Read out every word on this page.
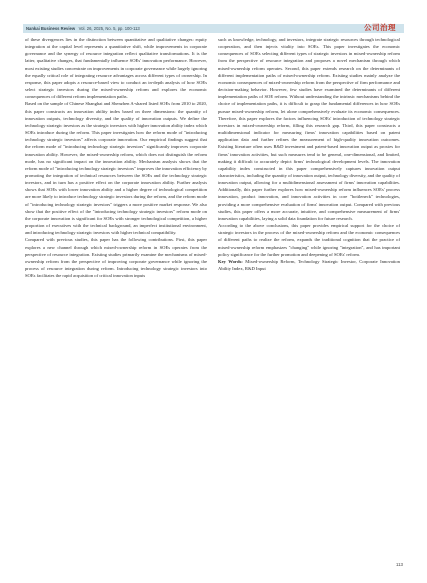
Nankai Business Review Vol. 26, 2025, No. 5, pp. 100-113	公司治理

of these divergences lies in the distinction between quantitative and qualitative changes: equity integration at the capital level represents a quantitative shift, while improvements in corporate governance and the synergy of resource integration reflect qualitative transformations. It is the latter, qualitative changes, that fundamentally influence SOEs' innovation performance. However, most existing studies concentrate on improvements in corporate governance while largely ignoring the equally critical role of integrating resource advantages across different types of ownership. In response, this paper adopts a resource-based view to conduct an in-depth analysis of how SOEs select strategic investors during the mixed-ownership reform and explores the economic consequences of different reform implementation paths.

Based on the sample of Chinese Shanghai and Shenzhen A-shared listed SOEs from 2010 to 2020, this paper constructs an innovation ability index based on three dimensions: the quantity of innovation outputs, technology diversity, and the quality of innovation outputs. We define the technology strategic investors as the strategic investors with higher innovation ability index which SOEs introduce during the reform. This paper investigates how the reform mode of "introducing technology strategic investors" affects corporate innovation. Our empirical findings suggest that the reform mode of "introducing technology strategic investors" significantly improves corporate innovation ability. However, the mixed-ownership reform, which does not distinguish the reform mode, has no significant impact on the innovation ability. Mechanism analysis shows that the reform mode of "introducing technology strategic investors" improves the innovation efficiency by promoting the integration of technical resources between the SOEs and the technology strategic investors, and in turn has a positive effect on the corporate innovation ability. Further analysis shows that SOEs with lower innovation ability and a higher degree of technological competition are more likely to introduce technology strategic investors during the reform, and the reform mode of "introducing technology strategic investors" triggers a more positive market response. We also show that the positive effect of the "introducing technology strategic investors" reform mode on the corporate innovation is significant for SOEs with stronger technological competition, a higher proportion of executives with the technical background, an imperfect institutional environment, and introducing technology strategic investors with higher technical compatibility.

Compared with previous studies, this paper has the following contributions. First, this paper explores a new channel through which mixed-ownership reform in SOEs operates from the perspective of resource integration. Existing studies primarily examine the mechanisms of mixed-ownership reform from the perspective of improving corporate governance while ignoring the process of resource integration during reform. Introducing technology strategic investors into SOEs facilitates the rapid acquisition of critical innovation inputs

such as knowledge, technology, and investors, integrate strategic resources through technological cooperation, and then injects vitality into SOEs. This paper investigates the economic consequences of SOEs selecting different types of strategic investors in mixed-ownership reform from the perspective of resource integration and proposes a novel mechanism through which mixed-ownership reform operates. Second, this paper extends research on the determinants of different implementation paths of mixed-ownership reform. Existing studies mainly analyze the economic consequences of mixed-ownership reform from the perspective of firm performance and decision-making behavior. However, few studies have examined the determinants of different implementation paths of SOE reform. Without understanding the intrinsic mechanisms behind the choice of implementation paths, it is difficult to grasp the fundamental differences in how SOEs pursue mixed-ownership reform, let alone comprehensively evaluate its economic consequences. Therefore, this paper explores the factors influencing SOEs' introduction of technology strategic investors in mixed-ownership reform, filling this research gap. Third, this paper constructs a multidimensional indicator for measuring firms' innovation capabilities based on patent application data and further refines the measurement of high-quality innovation outcomes. Existing literature often uses R&D investment and patent-based innovation output as proxies for firms' innovation activities, but such measures tend to be general, one-dimensional, and limited, making it difficult to accurately depict firms' technological development levels. The innovation capability index constructed in this paper comprehensively captures innovation output characteristics, including the quantity of innovation output, technology diversity, and the quality of innovation output, allowing for a multidimensional assessment of firms' innovation capabilities. Additionally, this paper further explores how mixed-ownership reform influences SOEs' process innovation, product innovation, and innovation activities in core "bottleneck" technologies, providing a more comprehensive evaluation of firms' innovation output. Compared with previous studies, this paper offers a more accurate, intuitive, and comprehensive measurement of firms' innovation capabilities, laying a solid data foundation for future research.

According to the above conclusions, this paper provides empirical support for the choice of strategic investors in the process of the mixed-ownership reform and the economic consequences of different paths to realize the reform, expands the traditional cognition that the practice of mixed-ownership reform emphasizes "changing" while ignoring "integration", and has important policy significance for the further promotion and deepening of SOEs' reform.

Key Words: Mixed-ownership Reform, Technology Strategic Investor, Corporate Innovation Ability Index, R&D Input

113
